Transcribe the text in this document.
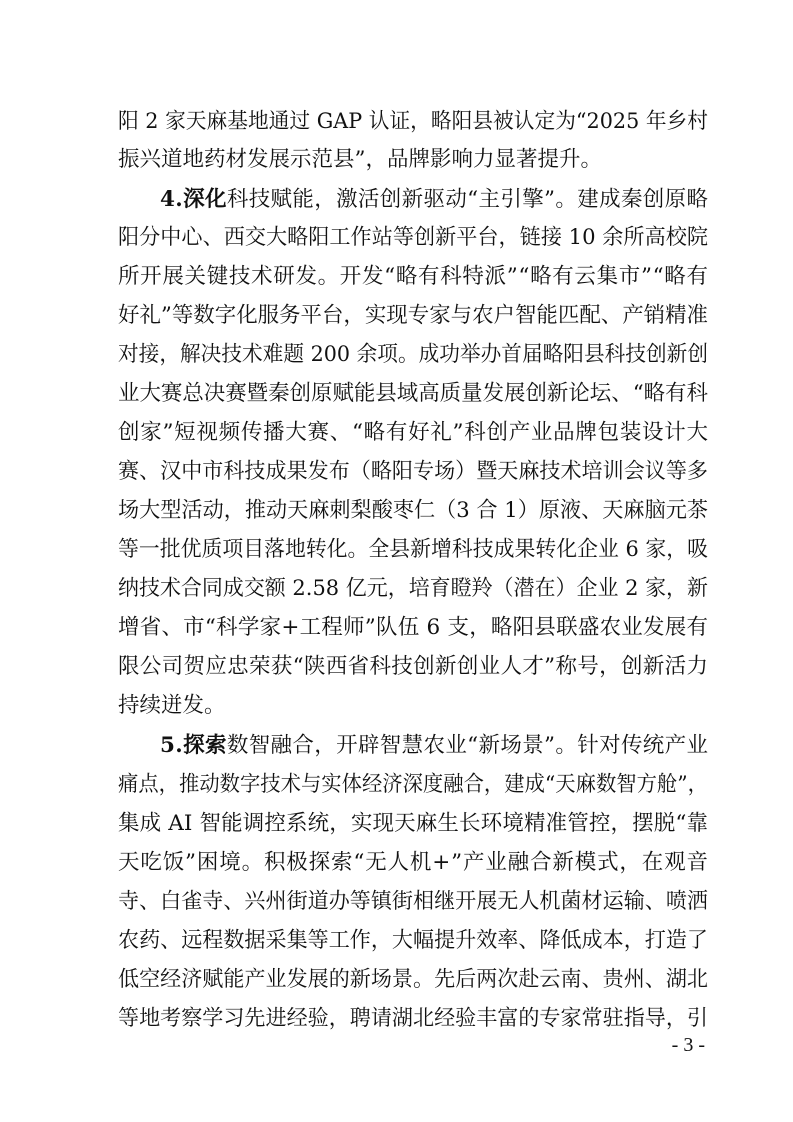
阳 2 家天麻基地通过 GAP 认证，略阳县被认定为“2025 年乡村
振兴道地药材发展示范县”，品牌影响力显著提升。
4.深化科技赋能，激活创新驱动“主引擎”。建成秦创原略
阳分中心、西交大略阳工作站等创新平台，链接 10 余所高校院
所开展关键技术研发。开发“略有科特派”“略有云集市”“略有
好礼”等数字化服务平台，实现专家与农户智能匹配、产销精准
对接，解决技术难题 200 余项。成功举办首届略阳县科技创新创
业大赛总决赛暨秦创原赋能县域高质量发展创新论坛、“略有科
创家”短视频传播大赛、“略有好礼”科创产业品牌包装设计大
赛、汉中市科技成果发布（略阳专场）暨天麻技术培训会议等多
场大型活动，推动天麻刺梨酸枣仁（3 合 1）原液、天麻脑元茶
等一批优质项目落地转化。全县新增科技成果转化企业 6 家，吸
纳技术合同成交额 2.58 亿元，培育瞪羚（潜在）企业 2 家，新
增省、市“科学家+工程师”队伍 6 支，略阳县联盛农业发展有
限公司贺应忠荣获“陕西省科技创新创业人才”称号，创新活力
持续迸发。
5.探索数智融合，开辟智慧农业“新场景”。针对传统产业
痛点，推动数字技术与实体经济深度融合，建成“天麻数智方舱”，
集成 AI 智能调控系统，实现天麻生长环境精准管控，摆脱“靠
天吃饭”困境。积极探索“无人机+”产业融合新模式，在观音
寺、白雀寺、兴州街道办等镇街相继开展无人机菌材运输、喷洒
农药、远程数据采集等工作，大幅提升效率、降低成本，打造了
低空经济赋能产业发展的新场景。先后两次赴云南、贵州、湖北
等地考察学习先进经验，聘请湖北经验丰富的专家常驻指导，引
- 3 -
